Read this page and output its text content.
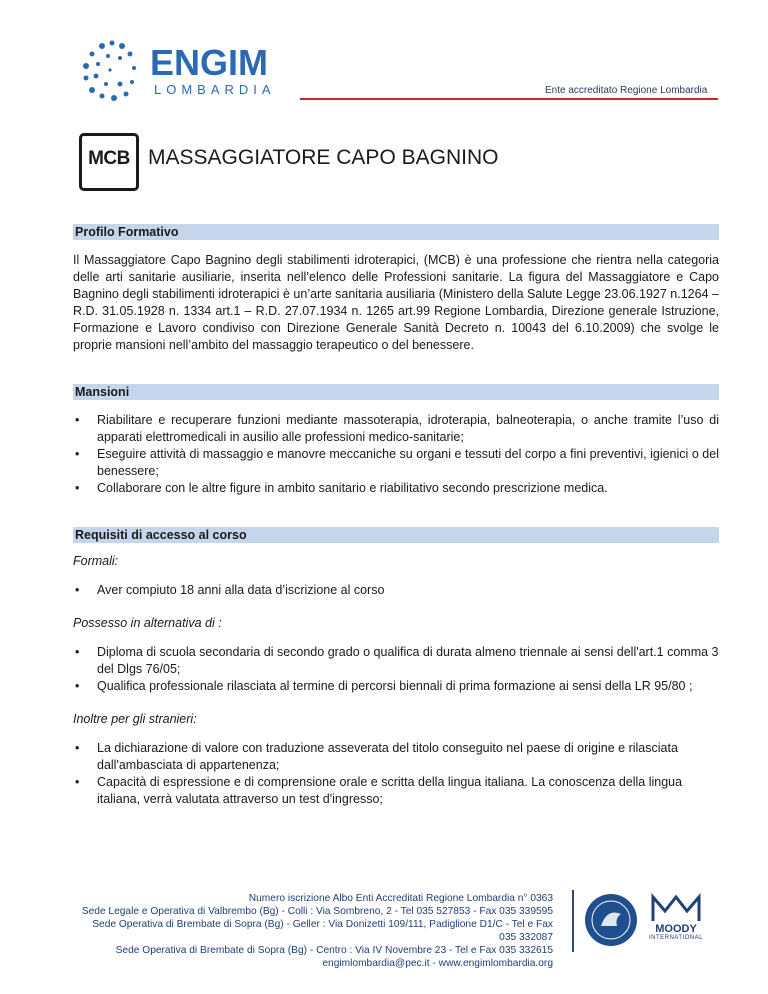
ENGIM
LOMBARDIA	Ente accreditato Regione Lombardia
MCB MASSAGGIATORE CAPO BAGNINO
Profilo Formativo

Il Massaggiatore Capo Bagnino degli stabilimenti idroterapici, (MCB) è una professione che rientra nella categoria delle arti sanitarie ausiliarie, inserita nell’elenco delle Professioni sanitarie. La figura del Massaggiatore e Capo Bagnino degli stabilimenti idroterapici è un’arte sanitaria ausiliaria (Ministero della Salute Legge 23.06.1927 n.1264 – R.D. 31.05.1928 n. 1334 art.1 – R.D. 27.07.1934 n. 1265 art.99 Regione Lombardia, Direzione generale Istruzione, Formazione e Lavoro condiviso con Direzione Generale Sanità Decreto n. 10043 del 6.10.2009) che svolge le proprie mansioni nell’ambito del massaggio terapeutico o del benessere.

Mansioni
• Riabilitare e recuperare funzioni mediante massoterapia, idroterapia, balneoterapia, o anche tramite l’uso di apparati elettromedicali in ausilio alle professioni medico-sanitarie;
• Eseguire attività di massaggio e manovre meccaniche su organi e tessuti del corpo a fini preventivi, igienici o del benessere;
• Collaborare con le altre figure in ambito sanitario e riabilitativo secondo prescrizione medica.
Requisiti di accesso al corso

Formali:

• Aver compiuto 18 anni alla data d’iscrizione al corso

Possesso in alternativa di :

• Diploma di scuola secondaria di secondo grado o qualifica di durata almeno triennale ai sensi dell'art.1 comma 3 del Dlgs 76/05;
• Qualifica professionale rilasciata al termine di percorsi biennali di prima formazione ai sensi della LR 95/80 ;

Inoltre per gli stranieri:

• La dichiarazione di valore con traduzione asseverata del titolo conseguito nel paese di origine e rilasciata dall'ambasciata di appartenenza;
• Capacità di espressione e di comprensione orale e scritta della lingua italiana. La conoscenza della lingua italiana, verrà valutata attraverso un test d'ingresso;
Numero iscrizione Albo Enti Accreditati Regione Lombardia n° 0363
Sede Legale e Operativa di Valbrembo (Bg) - Colli : Via Sombreno, 2 - Tel 035 527853 - Fax 035 339595
Sede Operativa di Brembate di Sopra (Bg) - Geller : Via Donizetti 109/111, Padiglione D1/C - Tel e Fax 035 332087
Sede Operativa di Brembate di Sopra (Bg) - Centro : Via IV Novembre 23 - Tel e Fax 035 332615
engimlombardia@pec.it - www.engimlombardia.org
MOODY
INTERNATIONAL
